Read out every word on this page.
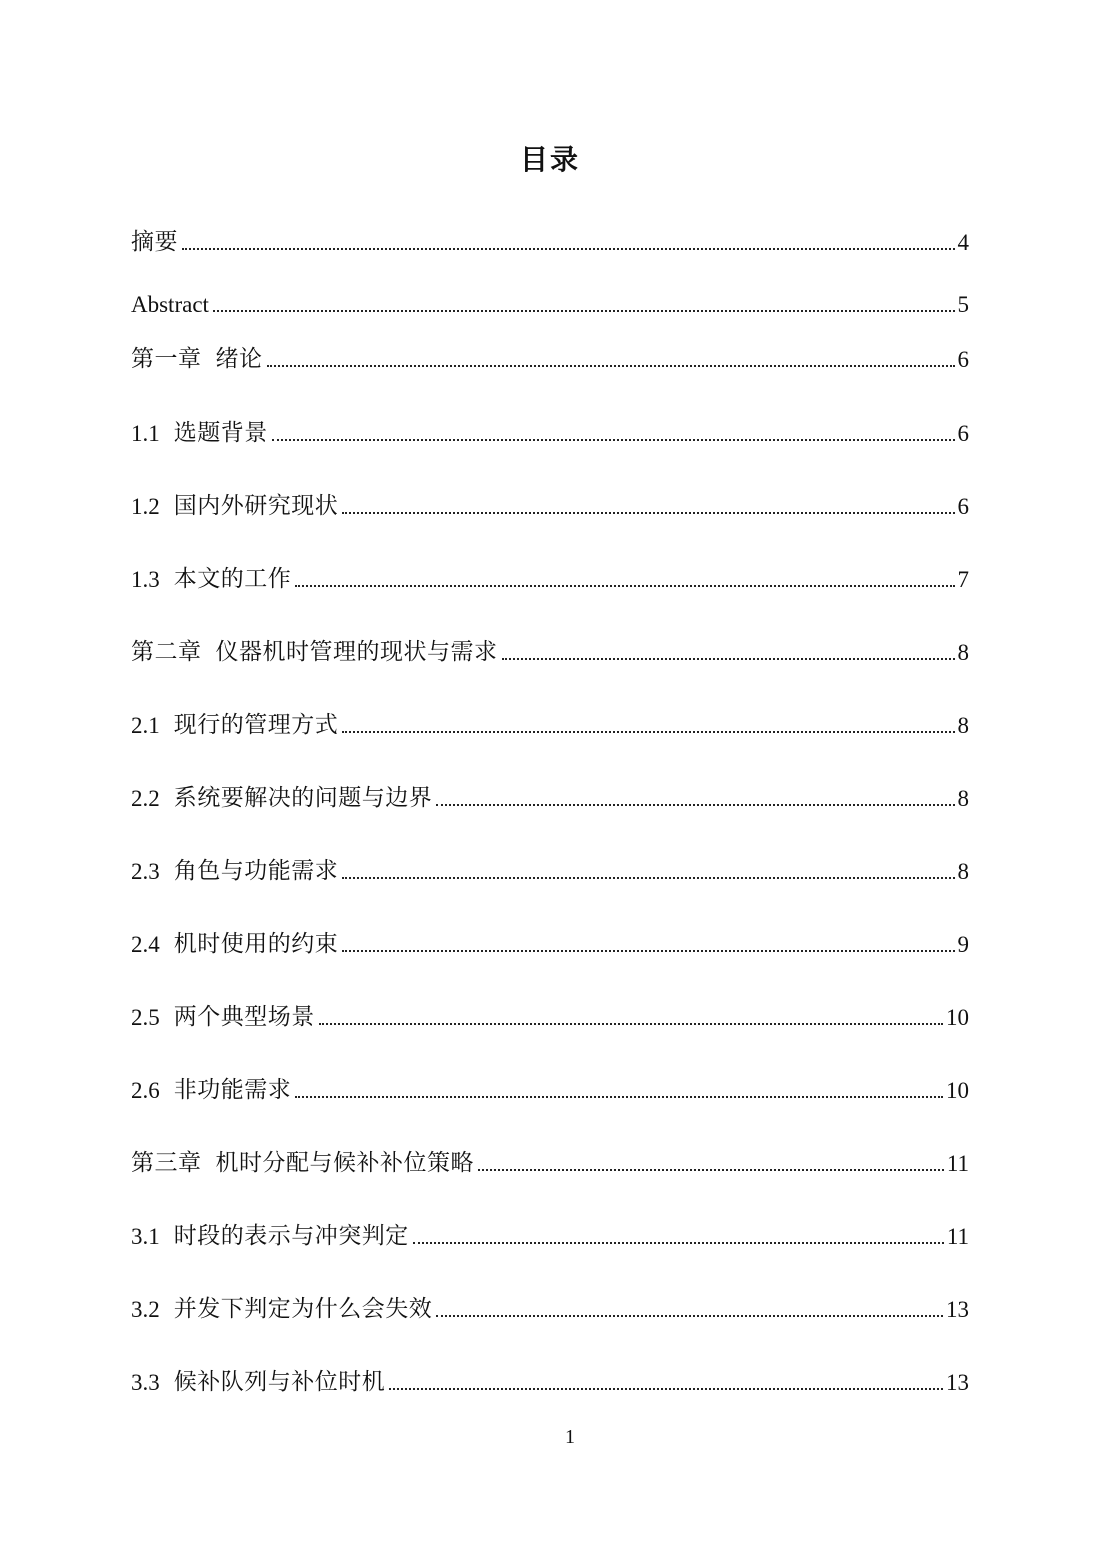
目录
摘要	4
Abstract	5
第一章 绪论	6
1.1 选题背景	6
1.2 国内外研究现状	6
1.3 本文的工作	7
第二章 仪器机时管理的现状与需求	8
2.1 现行的管理方式	8
2.2 系统要解决的问题与边界	8
2.3 角色与功能需求	8
2.4 机时使用的约束	9
2.5 两个典型场景	10
2.6 非功能需求	10
第三章 机时分配与候补补位策略	11
3.1 时段的表示与冲突判定	11
3.2 并发下判定为什么会失效	13
3.3 候补队列与补位时机	13
1
